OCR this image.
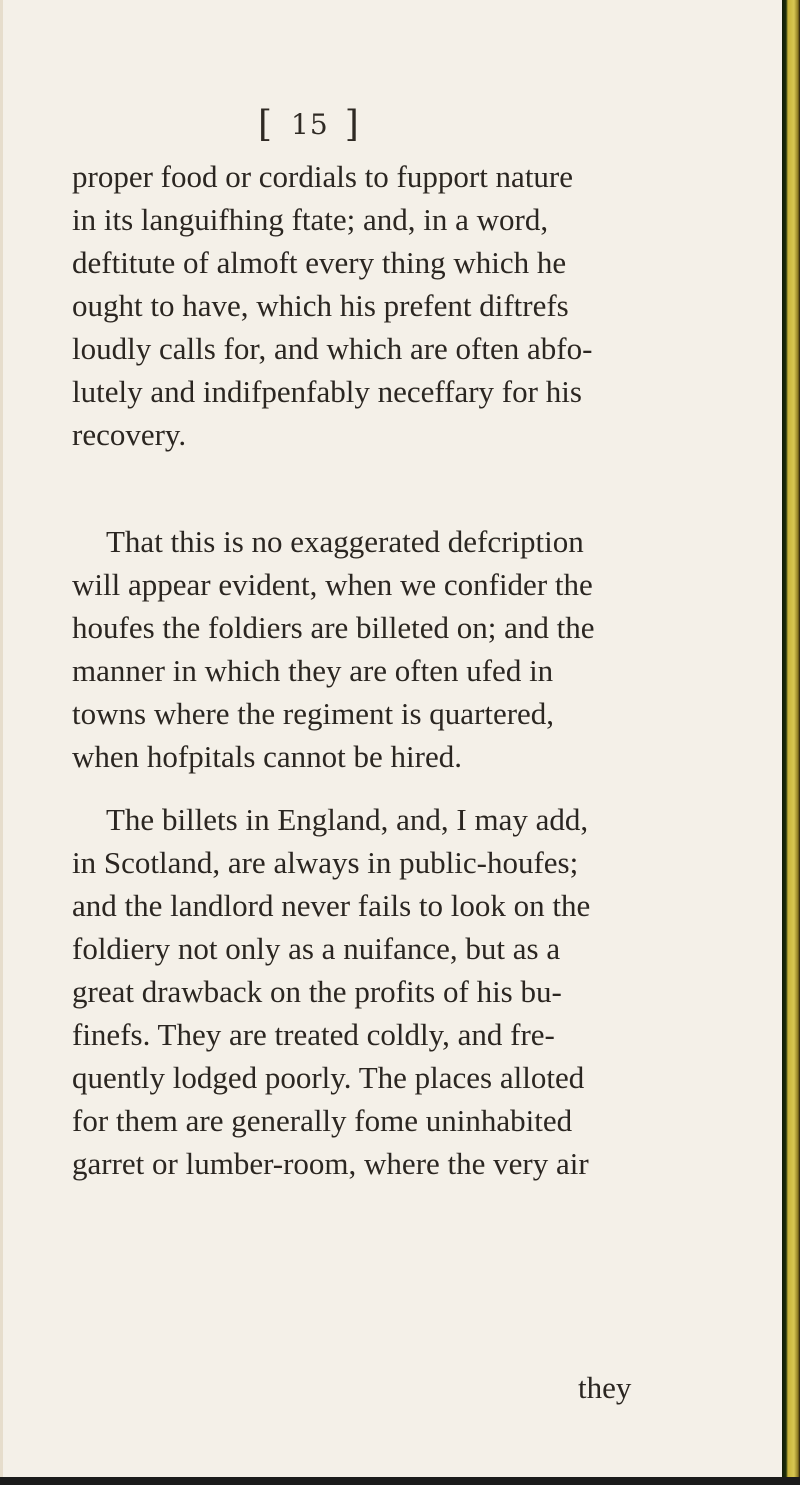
[ 15 ]
proper food or cordials to fupport nature
in its languifhing ftate; and, in a word,
deftitute of almoft every thing which he
ought to have, which his prefent diftrefs
loudly calls for, and which are often abfo-
lutely and indifpenfably neceffary for his
recovery.
That this is no exaggerated defcription
will appear evident, when we confider the
houfes the foldiers are billeted on; and the
manner in which they are often ufed in
towns where the regiment is quartered,
when hofpitals cannot be hired.
The billets in England, and, I may add,
in Scotland, are always in public-houfes;
and the landlord never fails to look on the
foldiery not only as a nuifance, but as a
great drawback on the profits of his bu-
finefs. They are treated coldly, and fre-
quently lodged poorly. The places alloted
for them are generally fome uninhabited
garret or lumber-room, where the very air
they
